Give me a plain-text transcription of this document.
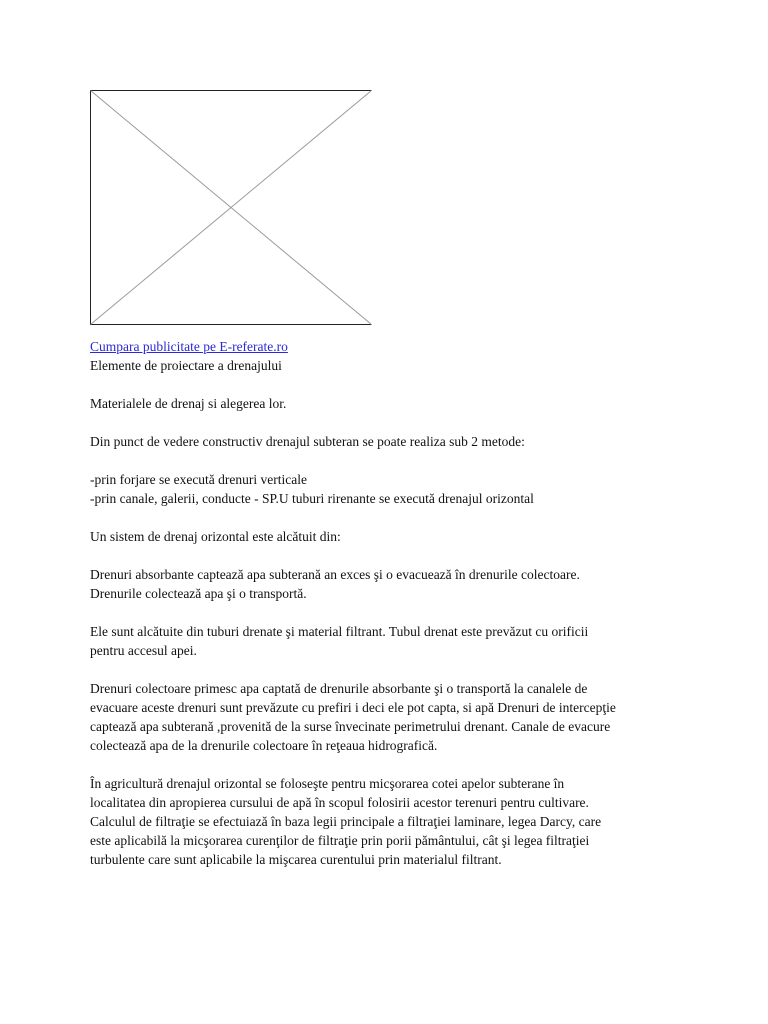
Cumpara publicitate pe E-referate.ro
Elemente de proiectare a drenajului
Materialele de drenaj si alegerea lor.
Din punct de vedere constructiv drenajul subteran se poate realiza sub 2 metode:
-prin forjare se execută drenuri verticale
-prin canale, galerii, conducte - SP.U tuburi rirenante se execută drenajul orizontal
Un sistem de drenaj orizontal este alcătuit din:
Drenuri absorbante captează apa subterană an exces şi o evacuează în drenurile colectoare.
Drenurile colectează apa şi o transportă.
Ele sunt alcătuite din tuburi drenate şi material filtrant. Tubul drenat este prevăzut cu orificii
pentru accesul apei.
Drenuri colectoare primesc apa captată de drenurile absorbante şi o transportă la canalele de
evacuare aceste drenuri sunt prevăzute cu prefiri i deci ele pot capta, si apă Drenuri de intercepţie
captează apa subterană ,provenită de la surse învecinate perimetrului drenant. Canale de evacure
colectează apa de la drenurile colectoare în reţeaua hidrografică.
În agricultură drenajul orizontal se foloseşte pentru micşorarea cotei apelor subterane în
localitatea din apropierea cursului de apă în scopul folosirii acestor terenuri pentru cultivare.
Calculul de filtraţie se efectuiază în baza legii principale a filtraţiei laminare, legea Darcy, care
este aplicabilă la micşorarea curenţilor de filtraţie prin porii pământului, cât şi legea filtraţiei
turbulente care sunt aplicabile la mişcarea curentului prin materialul filtrant.
